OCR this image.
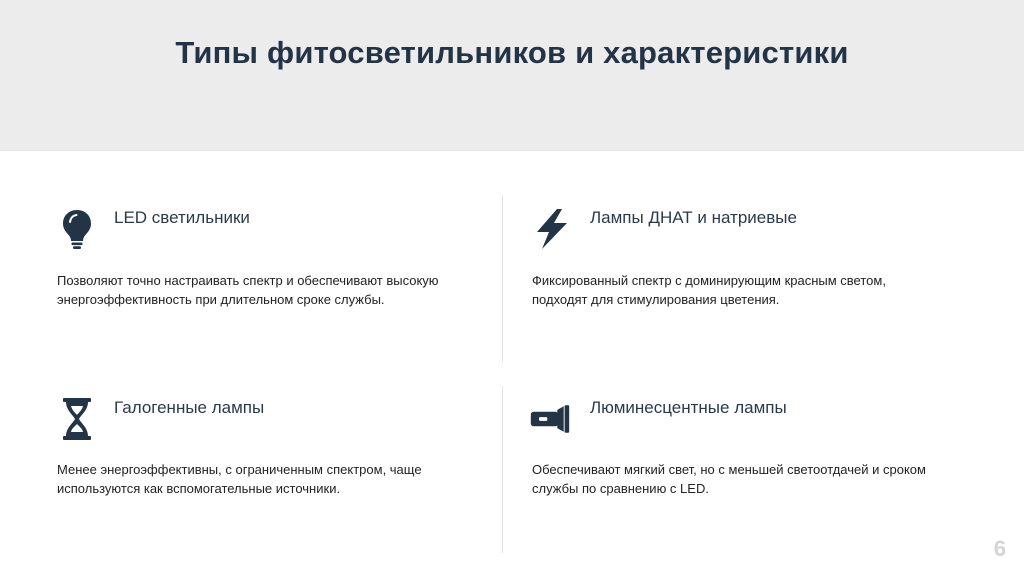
Типы фитосветильников и характеристики
LED светильники
Позволяют точно настраивать спектр и обеспечивают высокую энергоэффективность при длительном сроке службы.
Лампы ДНАТ и натриевые
Фиксированный спектр с доминирующим красным светом, подходят для стимулирования цветения.
Галогенные лампы
Менее энергоэффективны, с ограниченным спектром, чаще используются как вспомогательные источники.
Люминесцентные лампы
Обеспечивают мягкий свет, но с меньшей светоотдачей и сроком службы по сравнению с LED.
6
